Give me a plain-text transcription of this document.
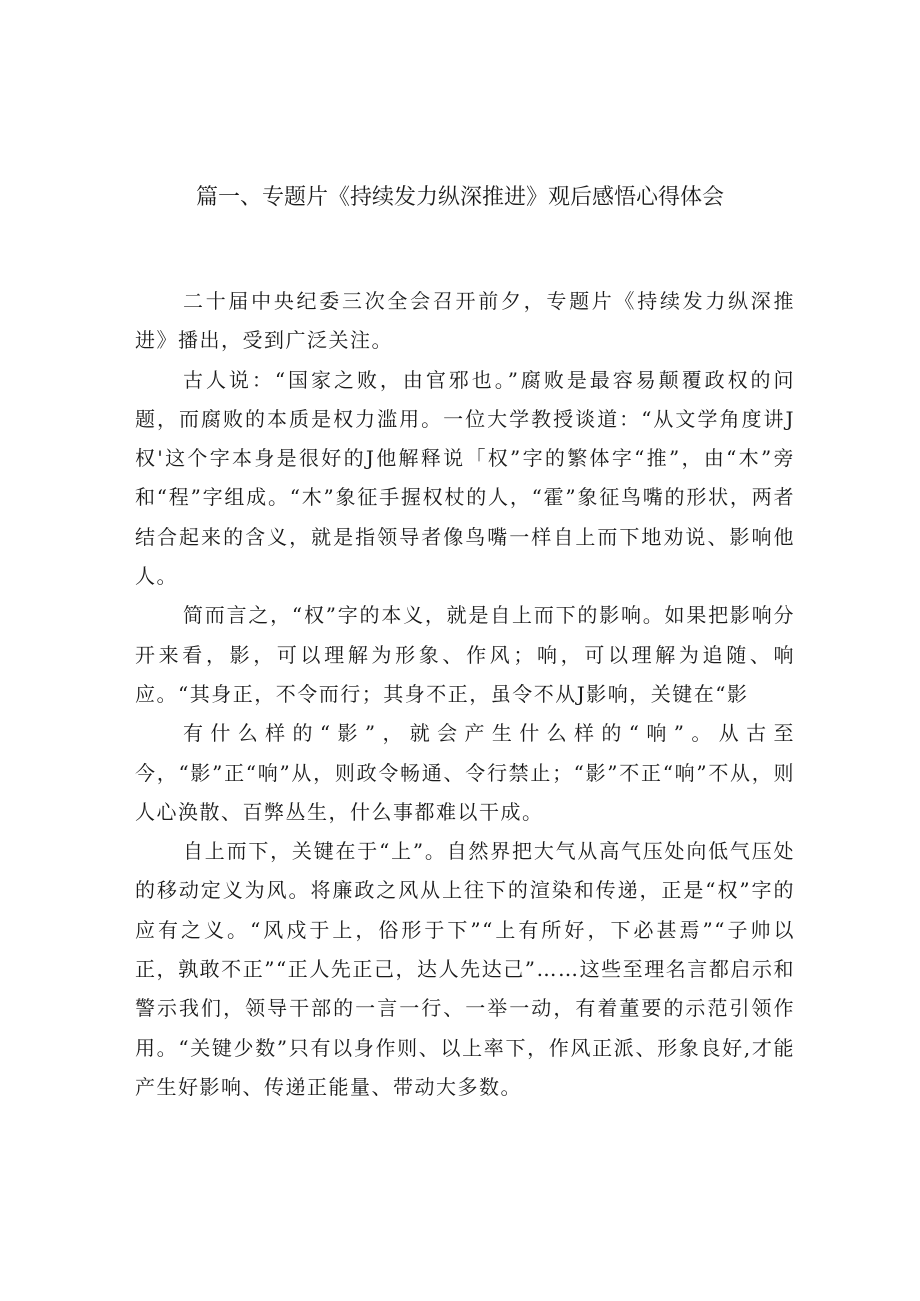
篇一、专题片《持续发力纵深推进》观后感悟心得体会

二十届中央纪委三次全会召开前夕，专题片《持续发力纵深推进》播出，受到广泛关注。

古人说：“国家之败，由官邪也。”腐败是最容易颠覆政权的问题，而腐败的本质是权力滥用。一位大学教授谈道：“从文学角度讲J权'这个字本身是很好的J他解释说「权”字的繁体字“推”，由“木”旁和“程”字组成。“木”象征手握权杖的人，“霍”象征鸟嘴的形状，两者结合起来的含义，就是指领导者像鸟嘴一样自上而下地劝说、影响他人。

简而言之，“权”字的本义，就是自上而下的影响。如果把影响分开来看，影，可以理解为形象、作风；响，可以理解为追随、响应。“其身正，不令而行；其身不正，虽令不从J影响，关键在“影

有什么样的“影”，就会产生什么样的“响”。从古至今，“影”正“响”从，则政令畅通、令行禁止；“影”不正“响”不从，则人心涣散、百弊丛生，什么事都难以干成。

自上而下，关键在于“上”。自然界把大气从高气压处向低气压处的移动定义为风。将廉政之风从上往下的渲染和传递，正是“权”字的应有之义。“风戍于上，俗形于下”“上有所好，下必甚焉”“子帅以正，孰敢不正”“正人先正己，达人先达己”……这些至理名言都启示和警示我们，领导干部的一言一行、一举一动，有着董要的示范引领作用。“关键少数”只有以身作则、以上率下，作风正派、形象良好,才能产生好影响、传递正能量、带动大多数。
